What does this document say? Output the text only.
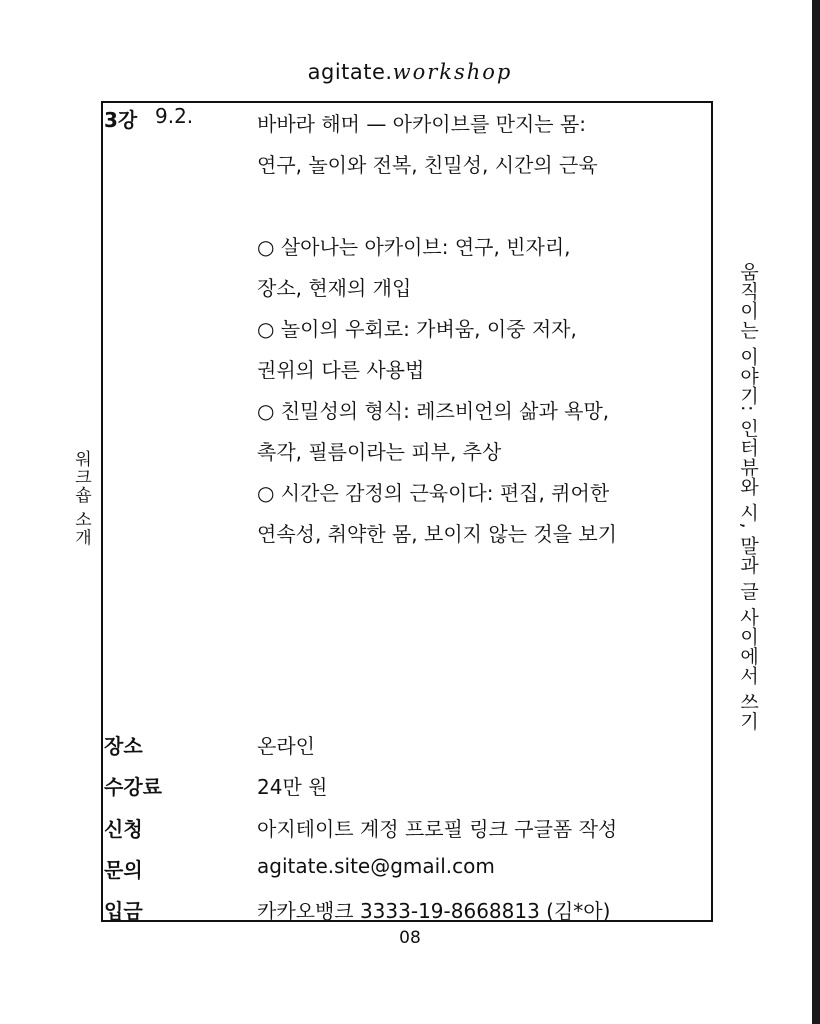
agitate.workshop
3강 9.2.	바바라 해머 — 아카이브를 만지는 몸:
연구, 놀이와 전복, 친밀성, 시간의 근육
○ 살아나는 아카이브: 연구, 빈자리,
장소, 현재의 개입
○ 놀이의 우회로: 가벼움, 이중 저자,
권위의 다른 사용법
○ 친밀성의 형식: 레즈비언의 삶과 욕망,
촉각, 필름이라는 피부, 추상
○ 시간은 감정의 근육이다: 편집, 퀴어한
연속성, 취약한 몸, 보이지 않는 것을 보기
장소	온라인
수강료	24만 원
신청	아지테이트 계정 프로필 링크 구글폼 작성
문의	agitate.site@gmail.com
입금	카카오뱅크 3333-19-8668813 (김*아)
워크숍 소개	움직이는 이야기: 인터뷰와 시, 말과 글 사이에서 쓰기
08
